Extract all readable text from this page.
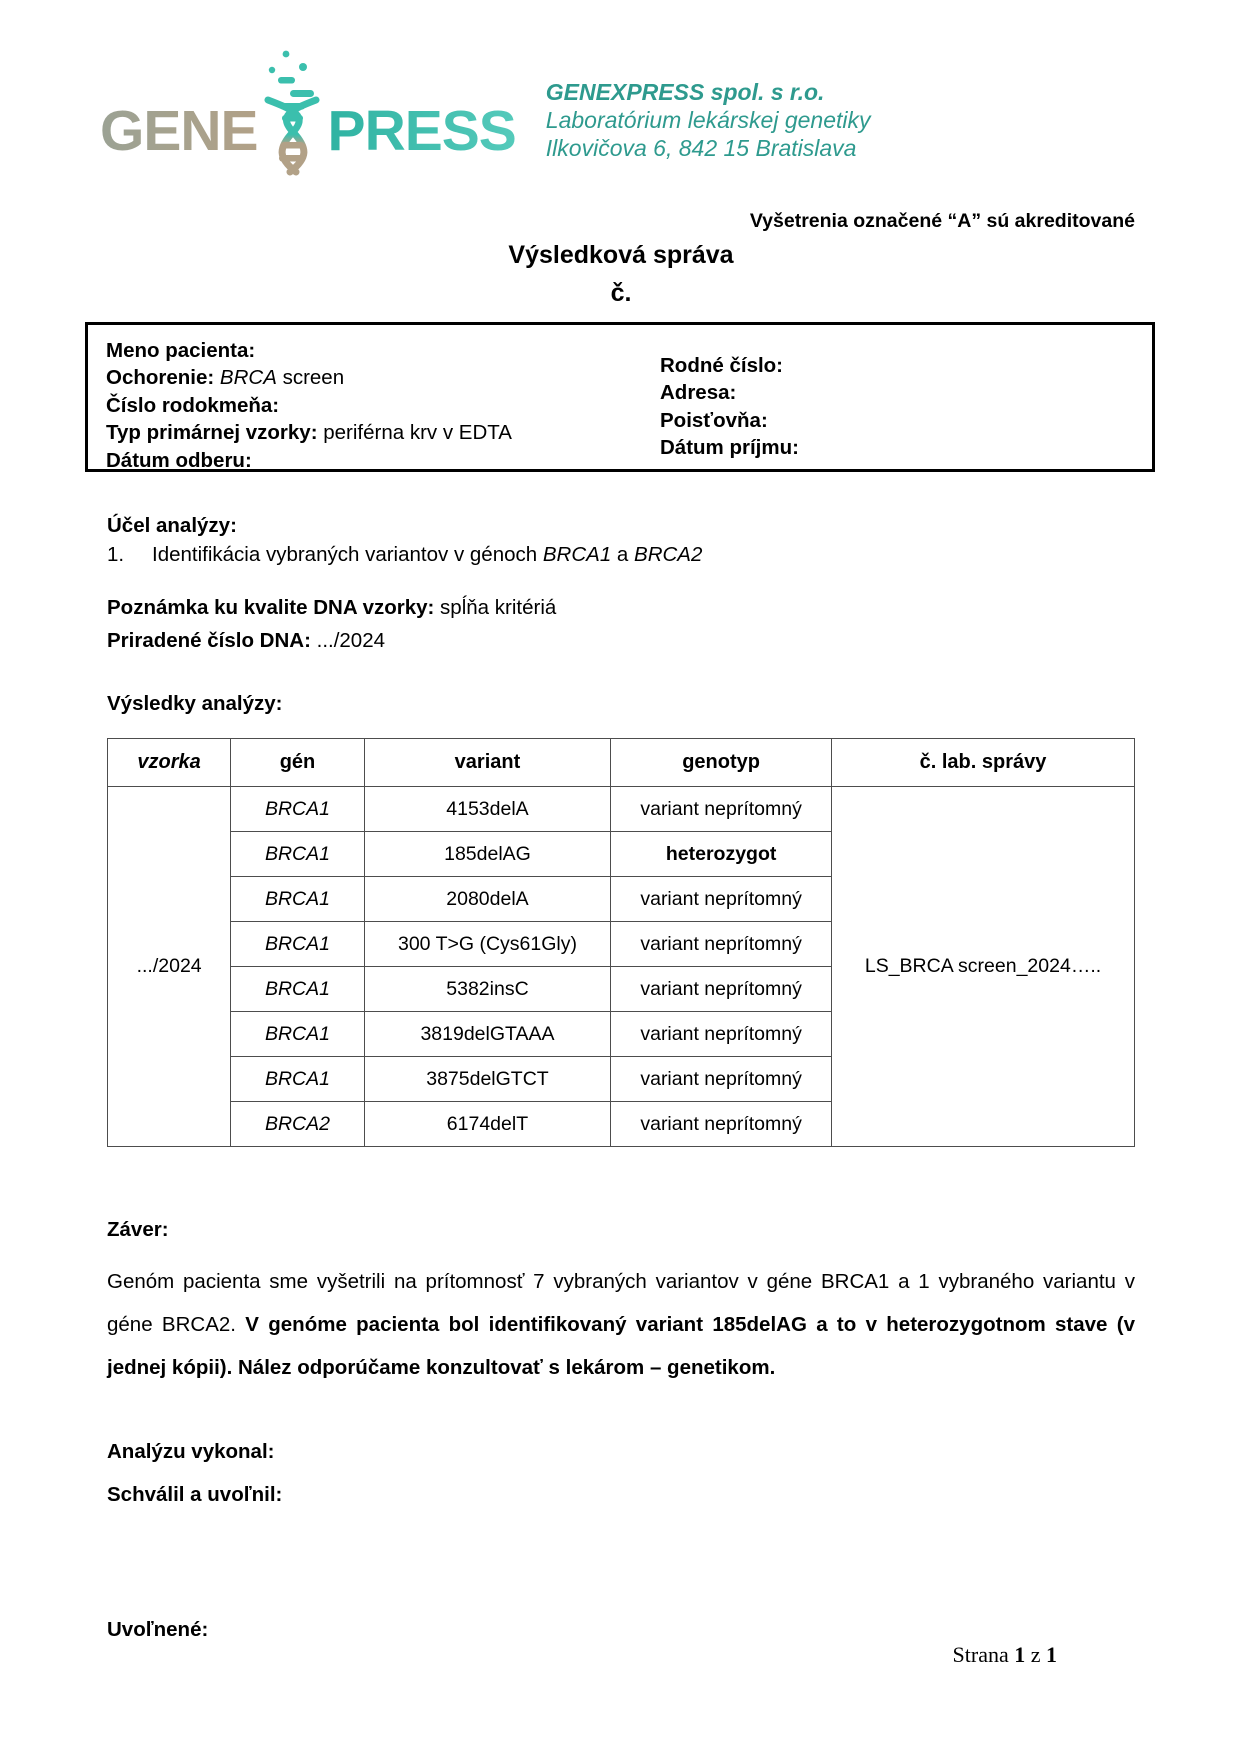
GENE PRESS
GENEXPRESS spol. s r.o.
Laboratórium lekárskej genetiky
Ilkovičova 6, 842 15 Bratislava
Vyšetrenia označené “A” sú akreditované
Výsledková správa
č.
Meno pacienta:
Ochorenie: BRCA screen
Číslo rodokmeňa:
Typ primárnej vzorky: periférna krv v EDTA
Dátum odberu:
Rodné číslo:
Adresa:
Poisťovňa:
Dátum príjmu:
Účel analýzy:
1. Identifikácia vybraných variantov v génoch BRCA1 a BRCA2
Poznámka ku kvalite DNA vzorky: spĺňa kritériá
Priradené číslo DNA: .../2024
Výsledky analýzy:
vzorka	gén	variant	genotyp	č. lab. správy
.../2024	BRCA1	4153delA	variant neprítomný	LS_BRCA screen_2024…..
	BRCA1	185delAG	heterozygot	
	BRCA1	2080delA	variant neprítomný	
	BRCA1	300 T>G (Cys61Gly)	variant neprítomný	
	BRCA1	5382insC	variant neprítomný	
	BRCA1	3819delGTAAA	variant neprítomný	
	BRCA1	3875delGTCT	variant neprítomný	
	BRCA2	6174delT	variant neprítomný	
Záver:
Genóm pacienta sme vyšetrili na prítomnosť 7 vybraných variantov v géne BRCA1 a 1 vybraného variantu v géne BRCA2. V genóme pacienta bol identifikovaný variant 185delAG a to v heterozygotnom stave (v jednej kópii). Nález odporúčame konzultovať s lekárom – genetikom.
Analýzu vykonal:
Schválil a uvoľnil:
Uvoľnené:
Strana 1 z 1
